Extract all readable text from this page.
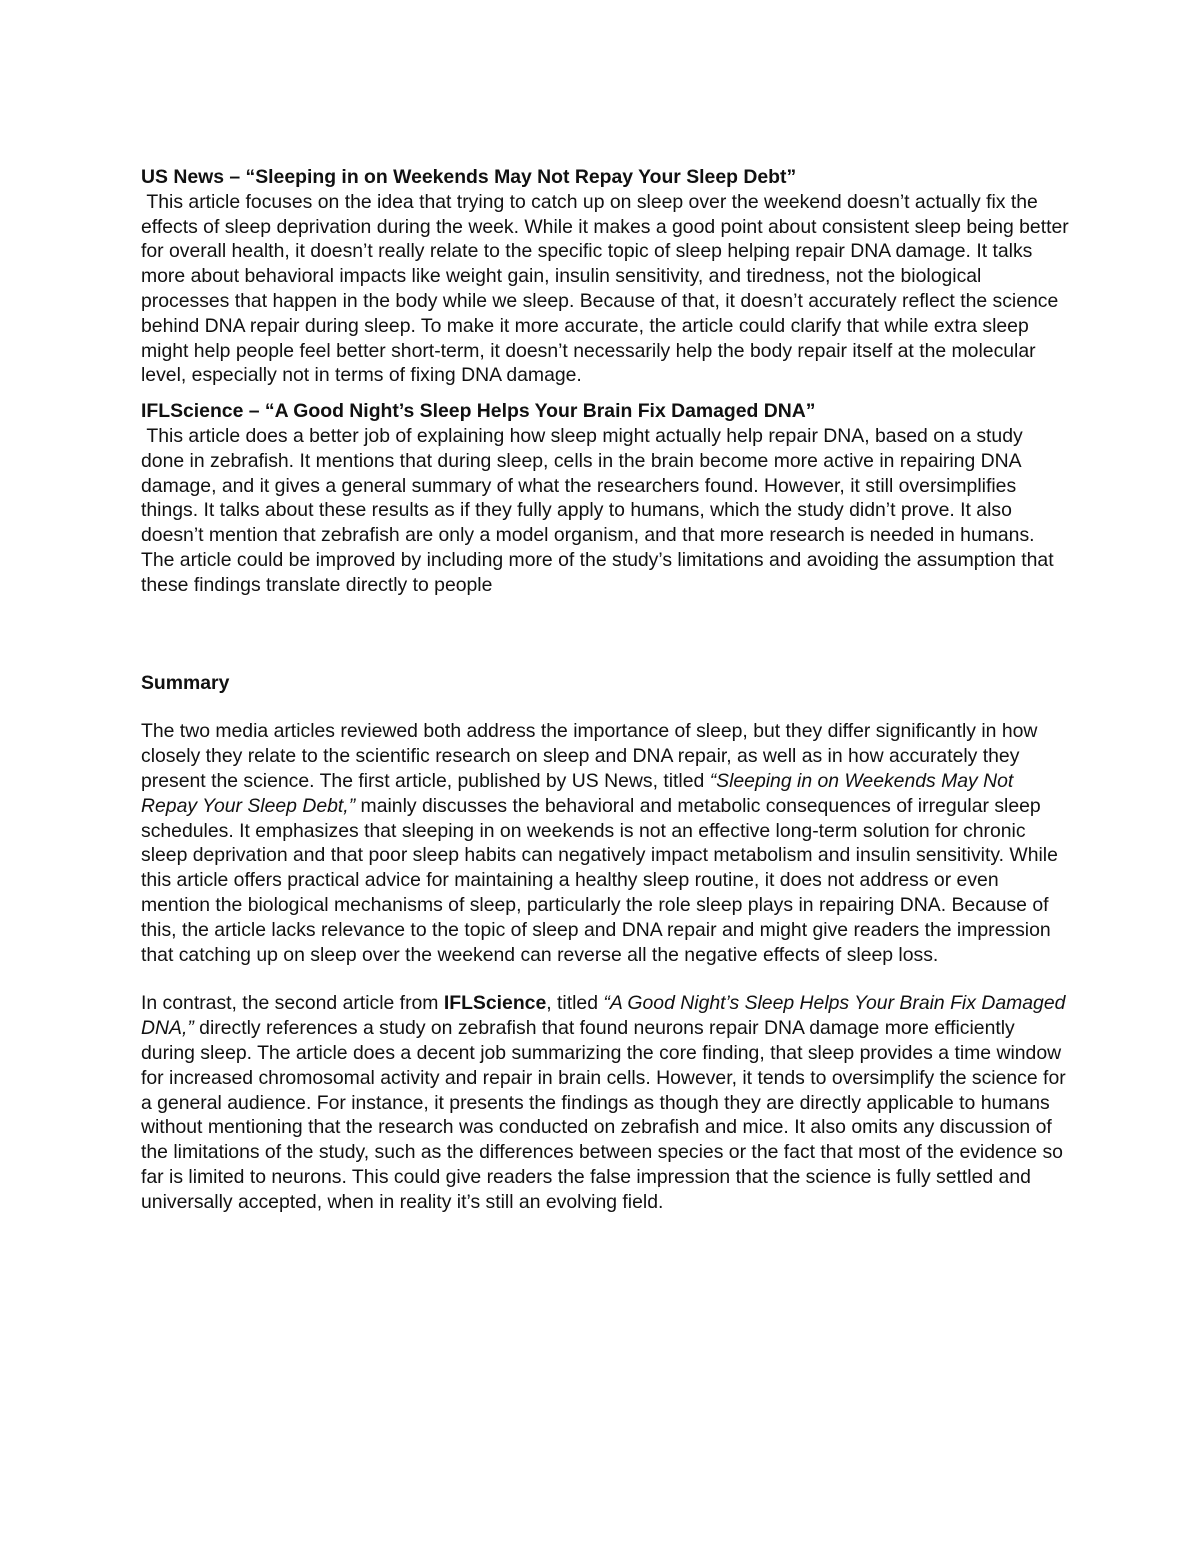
US News – “Sleeping in on Weekends May Not Repay Your Sleep Debt”

This article focuses on the idea that trying to catch up on sleep over the weekend doesn’t actually fix the effects of sleep deprivation during the week. While it makes a good point about consistent sleep being better for overall health, it doesn’t really relate to the specific topic of sleep helping repair DNA damage. It talks more about behavioral impacts like weight gain, insulin sensitivity, and tiredness, not the biological processes that happen in the body while we sleep. Because of that, it doesn’t accurately reflect the science behind DNA repair during sleep. To make it more accurate, the article could clarify that while extra sleep might help people feel better short-term, it doesn’t necessarily help the body repair itself at the molecular level, especially not in terms of fixing DNA damage.

IFLScience – “A Good Night’s Sleep Helps Your Brain Fix Damaged DNA”

This article does a better job of explaining how sleep might actually help repair DNA, based on a study done in zebrafish. It mentions that during sleep, cells in the brain become more active in repairing DNA damage, and it gives a general summary of what the researchers found. However, it still oversimplifies things. It talks about these results as if they fully apply to humans, which the study didn’t prove. It also doesn’t mention that zebrafish are only a model organism, and that more research is needed in humans. The article could be improved by including more of the study’s limitations and avoiding the assumption that these findings translate directly to people

Summary

The two media articles reviewed both address the importance of sleep, but they differ significantly in how closely they relate to the scientific research on sleep and DNA repair, as well as in how accurately they present the science. The first article, published by US News, titled “Sleeping in on Weekends May Not Repay Your Sleep Debt,” mainly discusses the behavioral and metabolic consequences of irregular sleep schedules. It emphasizes that sleeping in on weekends is not an effective long-term solution for chronic sleep deprivation and that poor sleep habits can negatively impact metabolism and insulin sensitivity. While this article offers practical advice for maintaining a healthy sleep routine, it does not address or even mention the biological mechanisms of sleep, particularly the role sleep plays in repairing DNA. Because of this, the article lacks relevance to the topic of sleep and DNA repair and might give readers the impression that catching up on sleep over the weekend can reverse all the negative effects of sleep loss.

In contrast, the second article from IFLScience, titled “A Good Night’s Sleep Helps Your Brain Fix Damaged DNA,” directly references a study on zebrafish that found neurons repair DNA damage more efficiently during sleep. The article does a decent job summarizing the core finding, that sleep provides a time window for increased chromosomal activity and repair in brain cells. However, it tends to oversimplify the science for a general audience. For instance, it presents the findings as though they are directly applicable to humans without mentioning that the research was conducted on zebrafish and mice. It also omits any discussion of the limitations of the study, such as the differences between species or the fact that most of the evidence so far is limited to neurons. This could give readers the false impression that the science is fully settled and universally accepted, when in reality it’s still an evolving field.
